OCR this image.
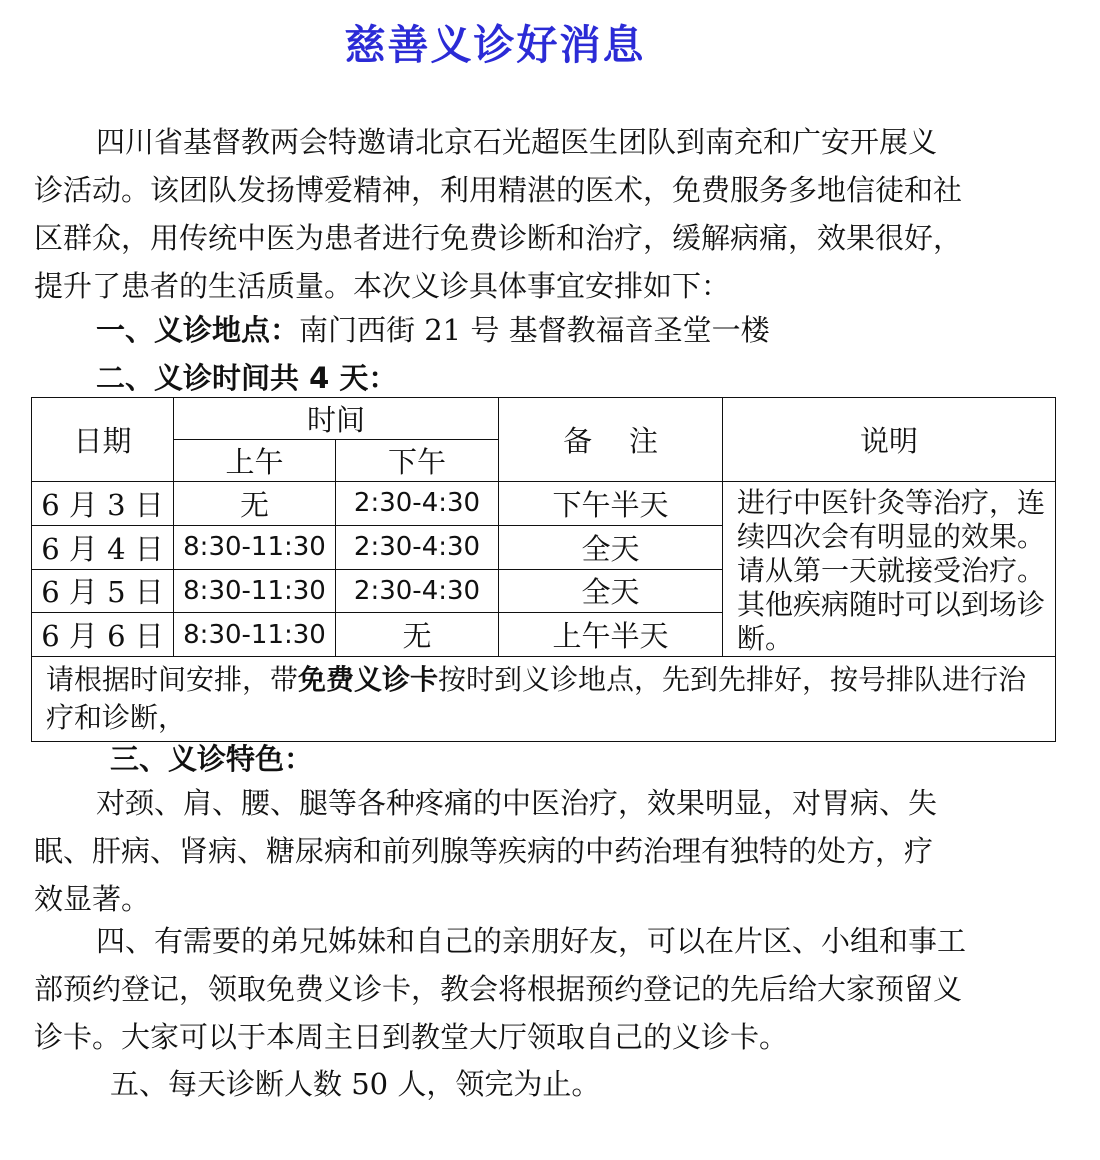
慈善义诊好消息
四川省基督教两会特邀请北京石光超医生团队到南充和广安开展义诊活动。该团队发扬博爱精神，利用精湛的医术，免费服务多地信徒和社区群众，用传统中医为患者进行免费诊断和治疗，缓解病痛，效果很好，提升了患者的生活质量。本次义诊具体事宜安排如下：
一、义诊地点：南门西街 21 号 基督教福音圣堂一楼
二、义诊时间共 4 天：
日期	时间		备    注	说明
	上午	下午		
6 月 3 日	无	2:30-4:30	下午半天	进行中医针灸等治疗，连续四次会有明显的效果。请从第一天就接受治疗。其他疾病随时可以到场诊断。
6 月 4 日	8:30-11:30	2:30-4:30	全天	
6 月 5 日	8:30-11:30	2:30-4:30	全天	
6 月 6 日	8:30-11:30	无	上午半天	
请根据时间安排，带免费义诊卡按时到义诊地点，先到先排好，按号排队进行治疗和诊断，				
三、义诊特色：
对颈、肩、腰、腿等各种疼痛的中医治疗，效果明显，对胃病、失眠、肝病、肾病、糖尿病和前列腺等疾病的中药治理有独特的处方，疗效显著。
四、有需要的弟兄姊妹和自己的亲朋好友，可以在片区、小组和事工部预约登记，领取免费义诊卡，教会将根据预约登记的先后给大家预留义诊卡。大家可以于本周主日到教堂大厅领取自己的义诊卡。
五、每天诊断人数 50 人，领完为止。
